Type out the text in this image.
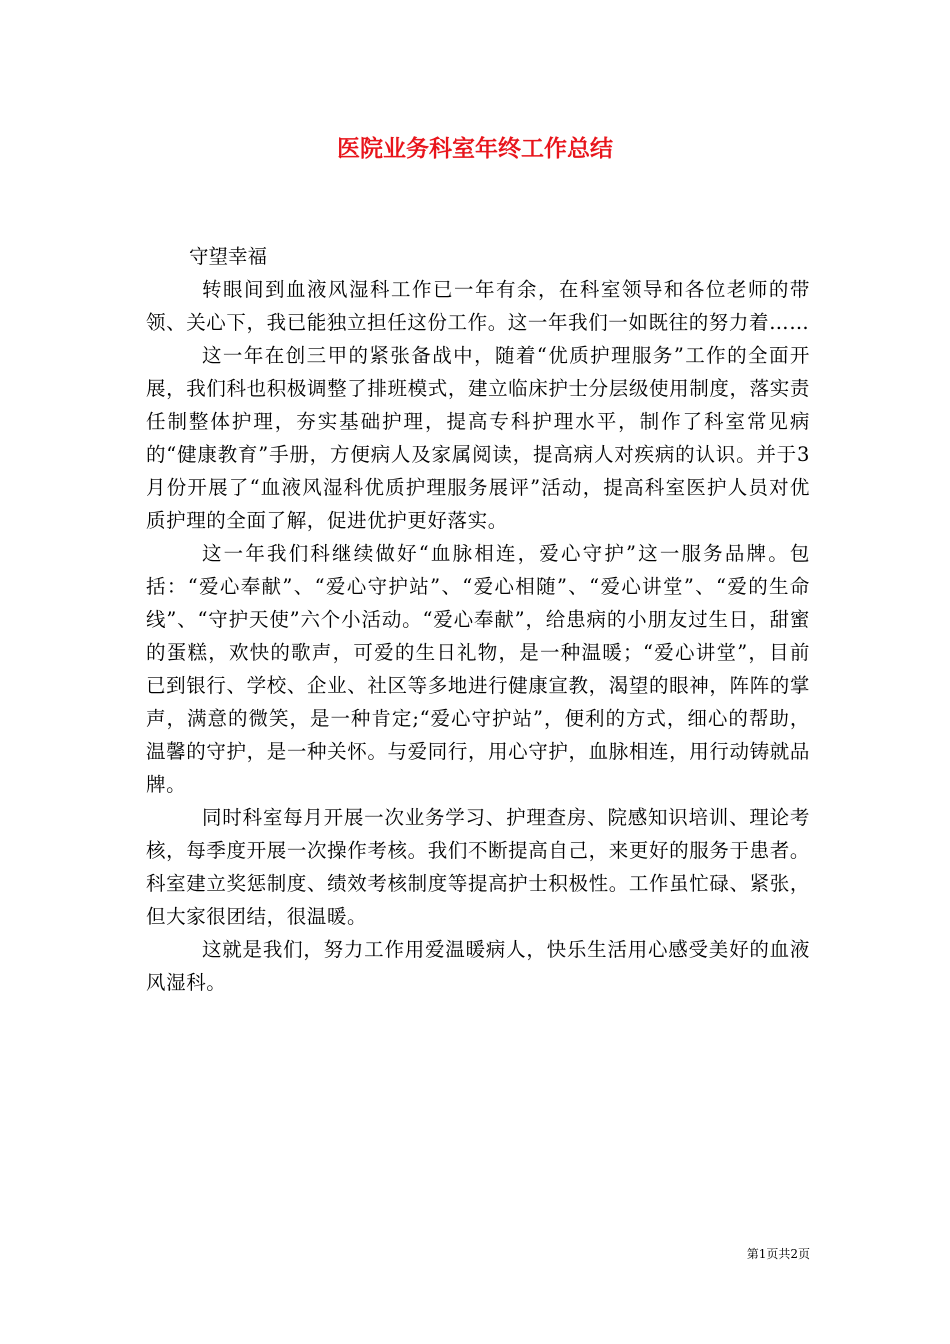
医院业务科室年终工作总结

守望幸福

转眼间到血液风湿科工作已一年有余，在科室领导和各位老师的带领、关心下，我已能独立担任这份工作。这一年我们一如既往的努力着……

这一年在创三甲的紧张备战中，随着“优质护理服务”工作的全面开展，我们科也积极调整了排班模式，建立临床护士分层级使用制度，落实责任制整体护理，夯实基础护理，提高专科护理水平，制作了科室常见病的“健康教育”手册，方便病人及家属阅读，提高病人对疾病的认识。并于3月份开展了“血液风湿科优质护理服务展评”活动，提高科室医护人员对优质护理的全面了解，促进优护更好落实。

这一年我们科继续做好“血脉相连，爱心守护”这一服务品牌。包括：“爱心奉献”、“爱心守护站”、“爱心相随”、“爱心讲堂”、“爱的生命线”、“守护天使”六个小活动。“爱心奉献”，给患病的小朋友过生日，甜蜜的蛋糕，欢快的歌声，可爱的生日礼物，是一种温暖；“爱心讲堂”，目前已到银行、学校、企业、社区等多地进行健康宣教，渴望的眼神，阵阵的掌声，满意的微笑，是一种肯定;“爱心守护站”，便利的方式，细心的帮助，温馨的守护，是一种关怀。与爱同行，用心守护，血脉相连，用行动铸就品牌。

同时科室每月开展一次业务学习、护理查房、院感知识培训、理论考核，每季度开展一次操作考核。我们不断提高自己，来更好的服务于患者。科室建立奖惩制度、绩效考核制度等提高护士积极性。工作虽忙碌、紧张，但大家很团结，很温暖。

这就是我们，努力工作用爱温暖病人，快乐生活用心感受美好的血液风湿科。

第1页共2页
